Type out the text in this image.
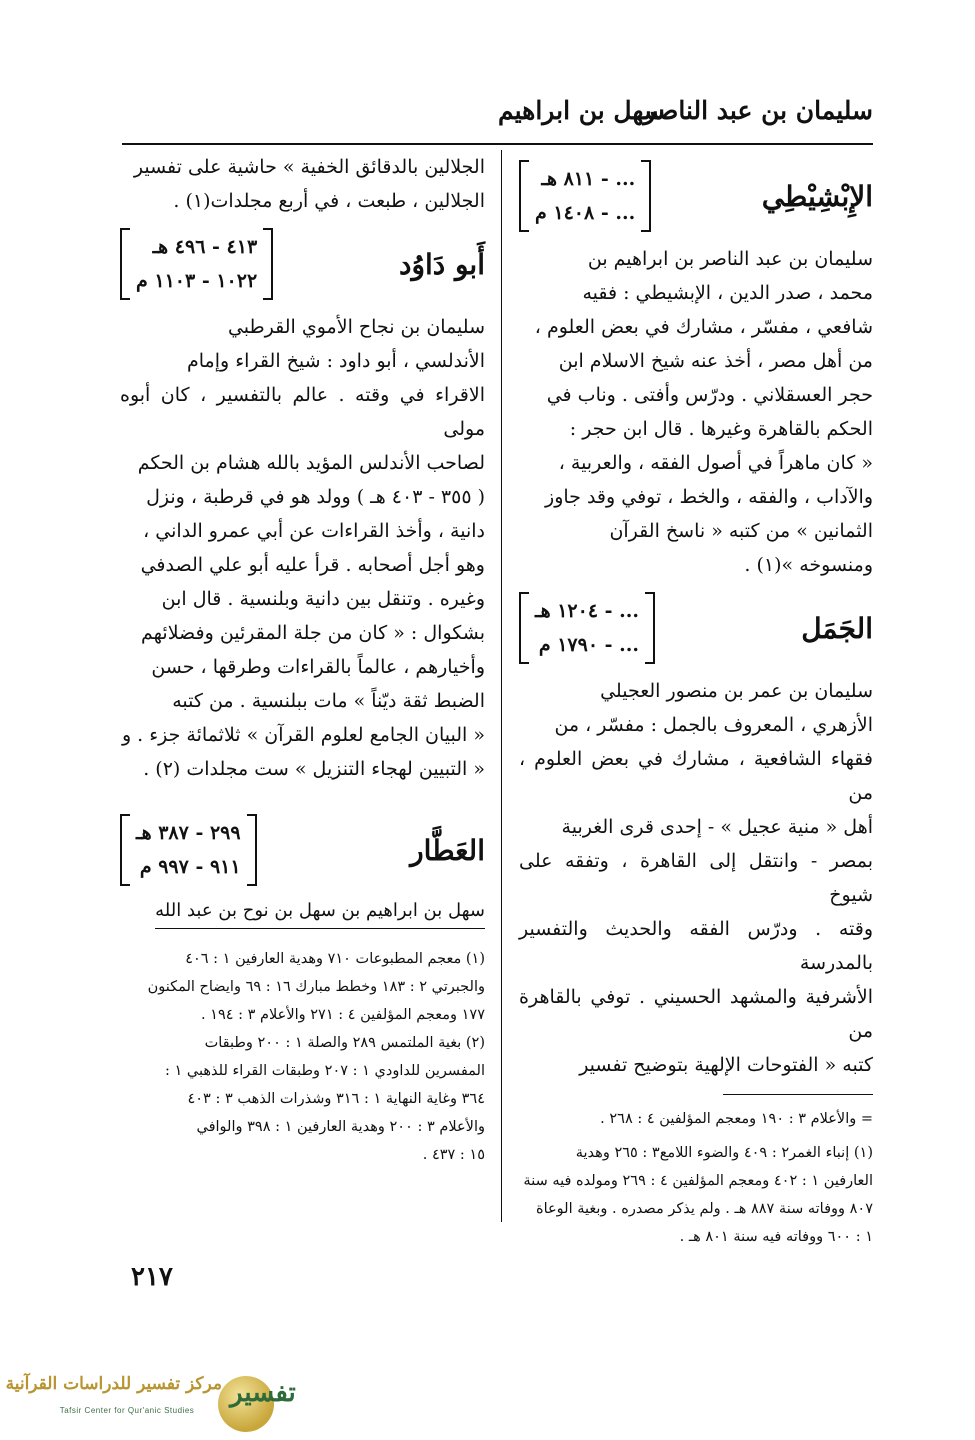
سليمان بن عبد الناصر
سهل بن ابراهيم
الإِبْشِيْطِي
... - ٨١١ هـ
... - ١٤٠٨ م

سليمان بن عبد الناصر بن ابراهيم بن

محمد ، صدر الدين ، الإبشيطي : فقيه

شافعي ، مفسّر ، مشارك في بعض العلوم ،

من أهل مصر ، أخذ عنه شيخ الاسلام ابن

حجر العسقلاني . ودرّس وأفتى . وناب في

الحكم بالقاهرة وغيرها . قال ابن حجر :

« كان ماهراً في أصول الفقه ، والعربية ،

والآداب ، والفقه ، والخط ، توفي وقد جاوز

الثمانين » من كتبه « ناسخ القرآن

ومنسوخه »(١) .

الجَمَل
... - ١٢٠٤ هـ
... - ١٧٩٠ م

سليمان بن عمر بن منصور العجيلي

الأزهري ، المعروف بالجمل : مفسّر ، من

فقهاء الشافعية ، مشارك في بعض العلوم ، من

أهل « منية عجيل » - إحدى قرى الغربية

بمصر - وانتقل إلى القاهرة ، وتفقه على شيوخ

وقته . ودرّس الفقه والحديث والتفسير بالمدرسة

الأشرفية والمشهد الحسيني . توفي بالقاهرة من

كتبه « الفتوحات الإلهية بتوضيح تفسير

= والأعلام ٣ : ١٩٠ ومعجم المؤلفين ٤ : ٢٦٨ .

(١) إنباء الغمر٢ : ٤٠٩ والضوء اللامع٣ : ٢٦٥ وهدية

العارفين ١ : ٤٠٢ ومعجم المؤلفين ٤ : ٢٦٩ ومولده فيه سنة

٨٠٧ ووفاته سنة ٨٨٧ هـ . ولم يذكر مصدره . وبغية الوعاة

١ : ٦٠٠ ووفاته فيه سنة ٨٠١ هـ .

الجلالين بالدقائق الخفية » حاشية على تفسير

الجلالين ، طبعت ، في أربع مجلدات(١) .

أَبو دَاوُد
٤١٣ - ٤٩٦ هـ
١٠٢٢ - ١١٠٣ م

سليمان بن نجاح الأموي القرطبي

الأندلسي ، أبو داود : شيخ القراء وإمام

الاقراء في وقته . عالم بالتفسير ، كان أبوه مولى

لصاحب الأندلس المؤيد بالله هشام بن الحكم

( ٣٥٥ - ٤٠٣ هـ ) وولد هو في قرطبة ، ونزل

دانية ، وأخذ القراءات عن أبي عمرو الداني ،

وهو أجل أصحابه . قرأ عليه أبو علي الصدفي

وغيره . وتنقل بين دانية وبلنسية . قال ابن

بشكوال : « كان من جلة المقرئين وفضلائهم

وأخيارهم ، عالماً بالقراءات وطرقها ، حسن

الضبط ثقة ديّناً » مات ببلنسية . من كتبه

« البيان الجامع لعلوم القرآن » ثلاثمائة جزء . و

« التبيين لهجاء التنزيل » ست مجلدات (٢) .

العَطَّار
٢٩٩ - ٣٨٧ هـ
٩١١ - ٩٩٧ م
سهل بن ابراهيم بن سهل بن نوح بن عبد الله

(١) معجم المطبوعات ٧١٠ وهدية العارفين ١ : ٤٠٦

والجبرتي ٢ : ١٨٣ وخطط مبارك ١٦ : ٦٩ وايضاح المكنون

١٧٧ ومعجم المؤلفين ٤ : ٢٧١ والأعلام ٣ : ١٩٤ .

(٢) بغية الملتمس ٢٨٩ والصلة ١ : ٢٠٠ وطبقات

المفسرين للداودي ١ : ٢٠٧ وطبقات القراء للذهبي ١ :

٣٦٤ وغاية النهاية ١ : ٣١٦ وشذرات الذهب ٣ : ٤٠٣

والأعلام ٣ : ٢٠٠ وهدية العارفين ١ : ٣٩٨ والوافي

١٥ : ٤٣٧ .

٢١٧
تفسير
مركز تفسير للدراسات القرآنية
Tafsir Center for Qur'anic Studies
